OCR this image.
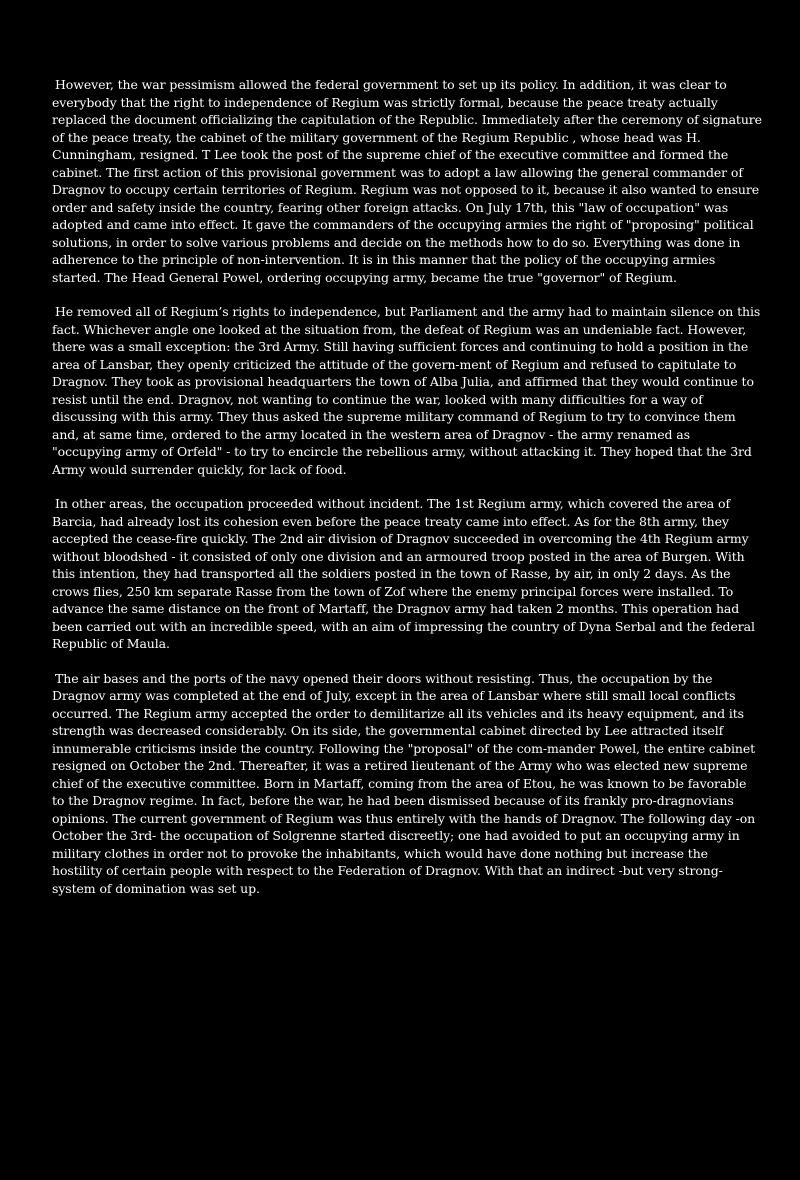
However, the war pessimism allowed the federal government to set up its policy. In addition, it was clear to everybody that the right to independence of Regium was strictly formal, because the peace treaty actually replaced the document officializing the capitulation of the Republic. Immediately after the ceremony of signature of the peace treaty, the cabinet of the military government of the Regium Republic , whose head was H. Cunningham, resigned. T Lee took the post of the supreme chief of the executive committee and formed the cabinet. The first action of this provisional government was to adopt a law allowing the general commander of Dragnov to occupy certain territories of Regium. Regium was not opposed to it, because it also wanted to ensure order and safety inside the country, fearing other foreign attacks. On July 17th, this "law of occupation" was adopted and came into effect. It gave the commanders of the occupying armies the right of "proposing" political solutions, in order to solve various problems and decide on the methods how to do so. Everything was done in adherence to the principle of non-intervention. It is in this manner that the policy of the occupying armies started. The Head General Powel, ordering occupying army, became the true "governor" of Regium.

He removed all of Regium’s rights to independence, but Parliament and the army had to maintain silence on this fact. Whichever angle one looked at the situation from, the defeat of Regium was an undeniable fact. However, there was a small exception: the 3rd Army. Still having sufficient forces and continuing to hold a position in the area of Lansbar, they openly criticized the attitude of the govern-ment of Regium and refused to capitulate to Dragnov. They took as provisional headquarters the town of Alba Julia, and affirmed that they would continue to resist until the end. Dragnov, not wanting to continue the war, looked with many difficulties for a way of discussing with this army. They thus asked the supreme military command of Regium to try to convince them and, at same time, ordered to the army located in the western area of Dragnov - the army renamed as "occupying army of Orfeld" - to try to encircle the rebellious army, without attacking it. They hoped that the 3rd Army would surrender quickly, for lack of food.

In other areas, the occupation proceeded without incident. The 1st Regium army, which covered the area of Barcia, had already lost its cohesion even before the peace treaty came into effect. As for the 8th army, they accepted the cease-fire quickly. The 2nd air division of Dragnov succeeded in overcoming the 4th Regium army without bloodshed - it consisted of only one division and an armoured troop posted in the area of Burgen. With this intention, they had transported all the soldiers posted in the town of Rasse, by air, in only 2 days. As the crows flies, 250 km separate Rasse from the town of Zof where the enemy principal forces were installed. To advance the same distance on the front of Martaff, the Dragnov army had taken 2 months. This operation had been carried out with an incredible speed, with an aim of impressing the country of Dyna Serbal and the federal Republic of Maula.

The air bases and the ports of the navy opened their doors without resisting. Thus, the occupation by the Dragnov army was completed at the end of July, except in the area of Lansbar where still small local conflicts occurred. The Regium army accepted the order to demilitarize all its vehicles and its heavy equipment, and its strength was decreased considerably. On its side, the governmental cabinet directed by Lee attracted itself innumerable criticisms inside the country. Following the "proposal" of the com-mander Powel, the entire cabinet resigned on October the 2nd. Thereafter, it was a retired lieutenant of the Army who was elected new supreme chief of the executive committee. Born in Martaff, coming from the area of Etou, he was known to be favorable to the Dragnov regime. In fact, before the war, he had been dismissed because of its frankly pro-dragnovians opinions. The current government of Regium was thus entirely with the hands of Dragnov. The following day -on October the 3rd- the occupation of Solgrenne started discreetly; one had avoided to put an occupying army in military clothes in order not to provoke the inhabitants, which would have done nothing but increase the hostility of certain people with respect to the Federation of Dragnov. With that an indirect -but very strong- system of domination was set up.
